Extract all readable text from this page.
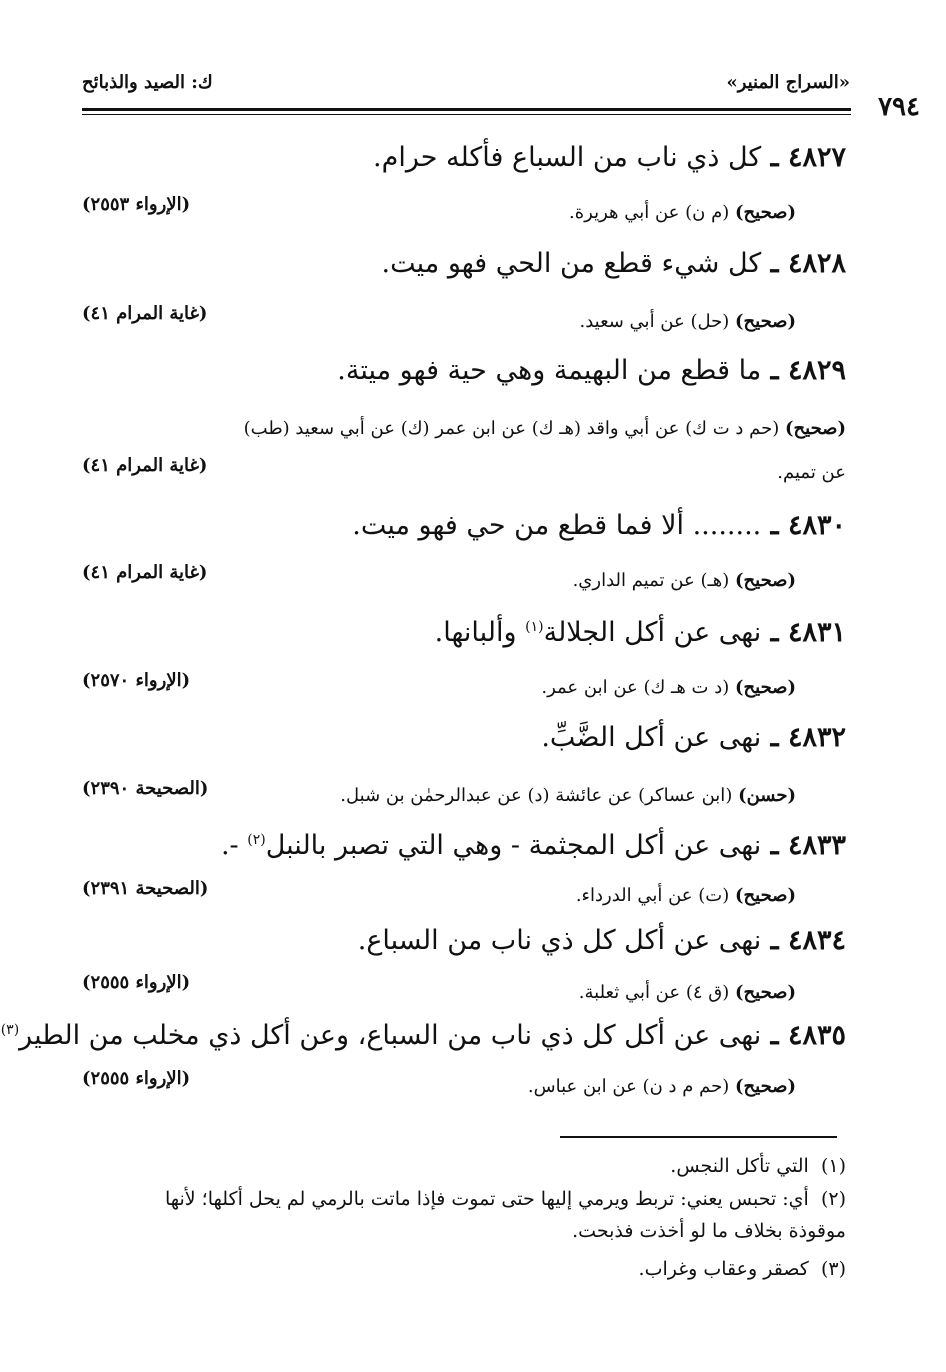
«السراج المنير»
ك: الصيد والذبائح
٧٩٤
٤٨٢٧ ـ كل ذي ناب من السباع فأكله حرام.
(صحيح) (م ن) عن أبي هريرة.
(الإرواء ٢٥٥٣)
٤٨٢٨ ـ كل شيء قطع من الحي فهو ميت.
(صحيح) (حل) عن أبي سعيد.
(غاية المرام ٤١)
٤٨٢٩ ـ ما قطع من البهيمة وهي حية فهو ميتة.
(صحيح) (حم د ت ك) عن أبي واقد (هـ ك) عن ابن عمر (ك) عن أبي سعيد (طب)
عن تميم.
(غاية المرام ٤١)
٤٨٣٠ ـ ........ ألا فما قطع من حي فهو ميت.
(صحيح) (هـ) عن تميم الداري.
(غاية المرام ٤١)
٤٨٣١ ـ نهى عن أكل الجلالة$^{(١)}$ وألبانها.
(صحيح) (د ت هـ ك) عن ابن عمر.
(الإرواء ٢٥٧٠)
٤٨٣٢ ـ نهى عن أكل الضَّبِّ.
(حسن) (ابن عساكر) عن عائشة (د) عن عبدالرحمٰن بن شبل.
(الصحيحة ٢٣٩٠)
٤٨٣٣ ـ نهى عن أكل المجثمة - وهي التي تصبر بالنبل$^{(٢)}$ -.
(صحيح) (ت) عن أبي الدرداء.
(الصحيحة ٢٣٩١)
٤٨٣٤ ـ نهى عن أكل كل ذي ناب من السباع.
(صحيح) (ق ٤) عن أبي ثعلبة.
(الإرواء ٢٥٥٥)
٤٨٣٥ ـ نهى عن أكل كل ذي ناب من السباع، وعن أكل ذي مخلب من الطير$^{(٣)}$
(صحيح) (حم م د ن) عن ابن عباس.
(الإرواء ٢٥٥٥)
(١)  التي تأكل النجس.
(٢)  أي: تحبس يعني: تربط ويرمي إليها حتى تموت فإذا ماتت بالرمي لم يحل أكلها؛ لأنها
موقوذة بخلاف ما لو أخذت فذبحت.
(٣)  كصقر وعقاب وغراب.
